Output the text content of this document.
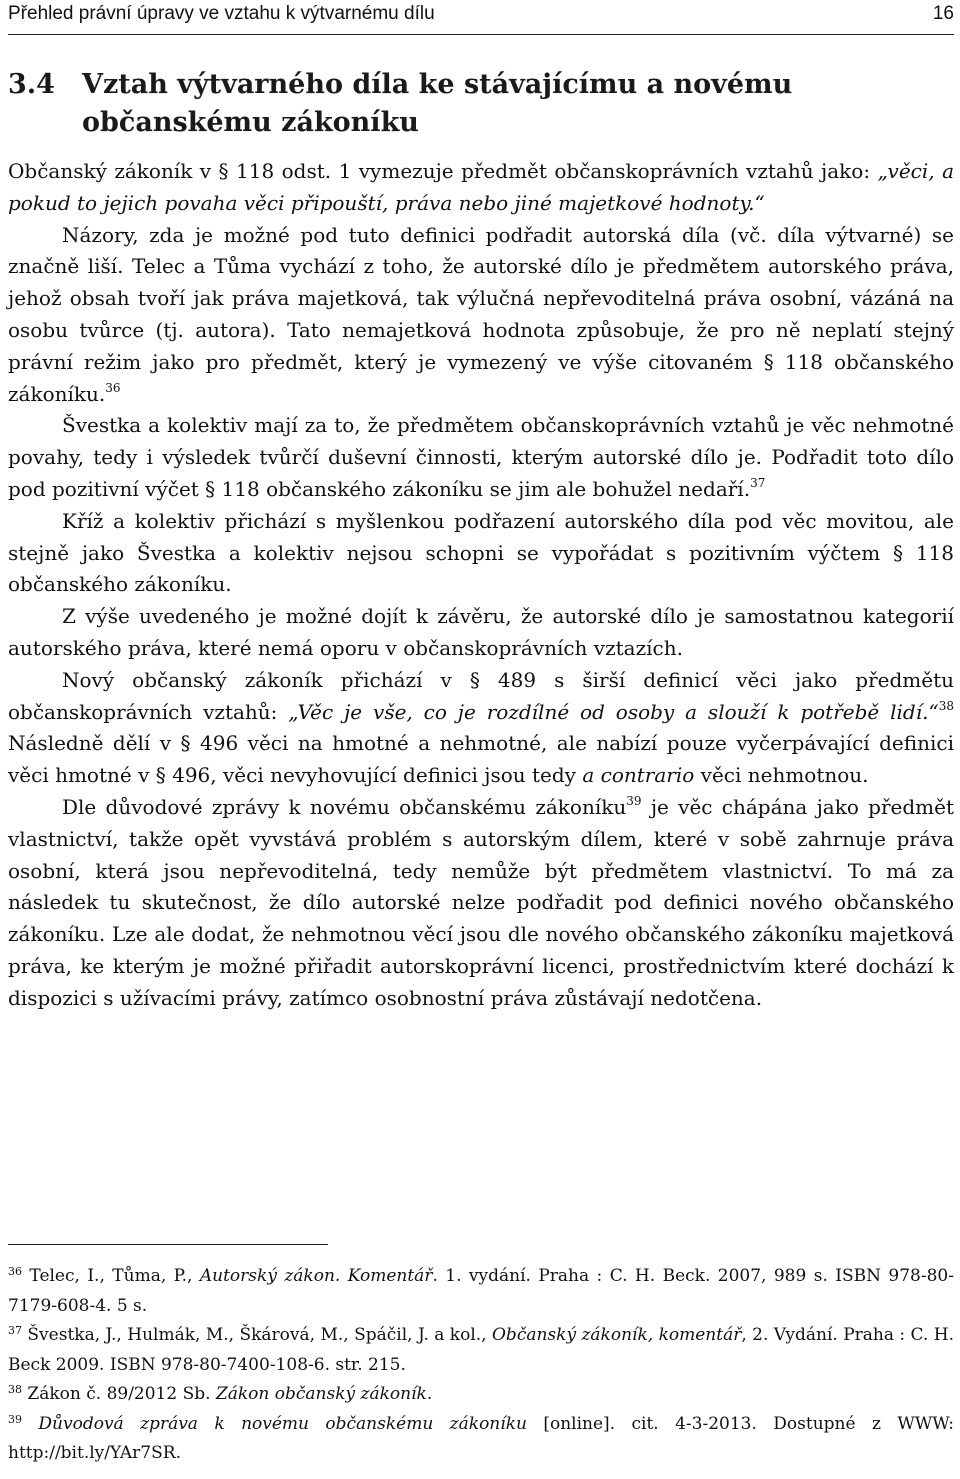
Přehled právní úpravy ve vztahu k výtvarnému dílu	16
3.4 Vztah výtvarného díla ke stávajícímu a novému
občanskému zákoníku

Občanský zákoník v § 118 odst. 1 vymezuje předmět občanskoprávních vztahů jako: „věci, a pokud to jejich povaha věci připouští, práva nebo jiné majetkové hodnoty.“

Názory, zda je možné pod tuto definici podřadit autorská díla (vč. díla výtvarné) se značně liší. Telec a Tůma vychází z toho, že autorské dílo je předmětem autorského práva, jehož obsah tvoří jak práva majetková, tak výlučná nepřevoditelná práva osobní, vázáná na osobu tvůrce (tj. autora). Tato nemajetková hodnota způsobuje, že pro ně neplatí stejný právní režim jako pro předmět, který je vymezený ve výše citovaném § 118 občanského zákoníku.$^{36}$

Švestka a kolektiv mají za to, že předmětem občanskoprávních vztahů je věc nehmotné povahy, tedy i výsledek tvůrčí duševní činnosti, kterým autorské dílo je. Podřadit toto dílo pod pozitivní výčet § 118 občanského zákoníku se jim ale bohužel nedaří.$^{37}$

Kříž a kolektiv přichází s myšlenkou podřazení autorského díla pod věc movitou, ale stejně jako Švestka a kolektiv nejsou schopni se vypořádat s pozitivním výčtem § 118 občanského zákoníku.

Z výše uvedeného je možné dojít k závěru, že autorské dílo je samostatnou kategorií autorského práva, které nemá oporu v občanskoprávních vztazích.

Nový občanský zákoník přichází v § 489 s širší definicí věci jako předmětu občanskoprávních vztahů: „Věc je vše, co je rozdílné od osoby a slouží k potřebě lidí.“$^{38}$ Následně dělí v § 496 věci na hmotné a nehmotné, ale nabízí pouze vyčerpávající definici věci hmotné v § 496, věci nevyhovující definici jsou tedy a contrario věci nehmotnou.

Dle důvodové zprávy k novému občanskému zákoníku$^{39}$ je věc chápána jako předmět vlastnictví, takže opět vyvstává problém s autorským dílem, které v sobě zahrnuje práva osobní, která jsou nepřevoditelná, tedy nemůže být předmětem vlastnictví. To má za následek tu skutečnost, že dílo autorské nelze podřadit pod definici nového občanského zákoníku. Lze ale dodat, že nehmotnou věcí jsou dle nového občanského zákoníku majetková práva, ke kterým je možné přiřadit autorskoprávní licenci, prostřednictvím které dochází k dispozici s užívacími právy, zatímco osobnostní práva zůstávají nedotčena.

$^{36}$ Telec, I., Tůma, P., Autorský zákon. Komentář. 1. vydání. Praha : C. H. Beck. 2007, 989 s. ISBN 978-80-7179-608-4. 5 s.

$^{37}$ Švestka, J., Hulmák, M., Škárová, M., Spáčil, J. a kol., Občanský zákoník, komentář, 2. Vydání. Praha : C. H. Beck 2009. ISBN 978-80-7400-108-6. str. 215.

$^{38}$ Zákon č. 89/2012 Sb. Zákon občanský zákoník.

$^{39}$ Důvodová zpráva k novému občanskému zákoníku [online]. cit. 4-3-2013. Dostupné z WWW: http://bit.ly/YAr7SR.
